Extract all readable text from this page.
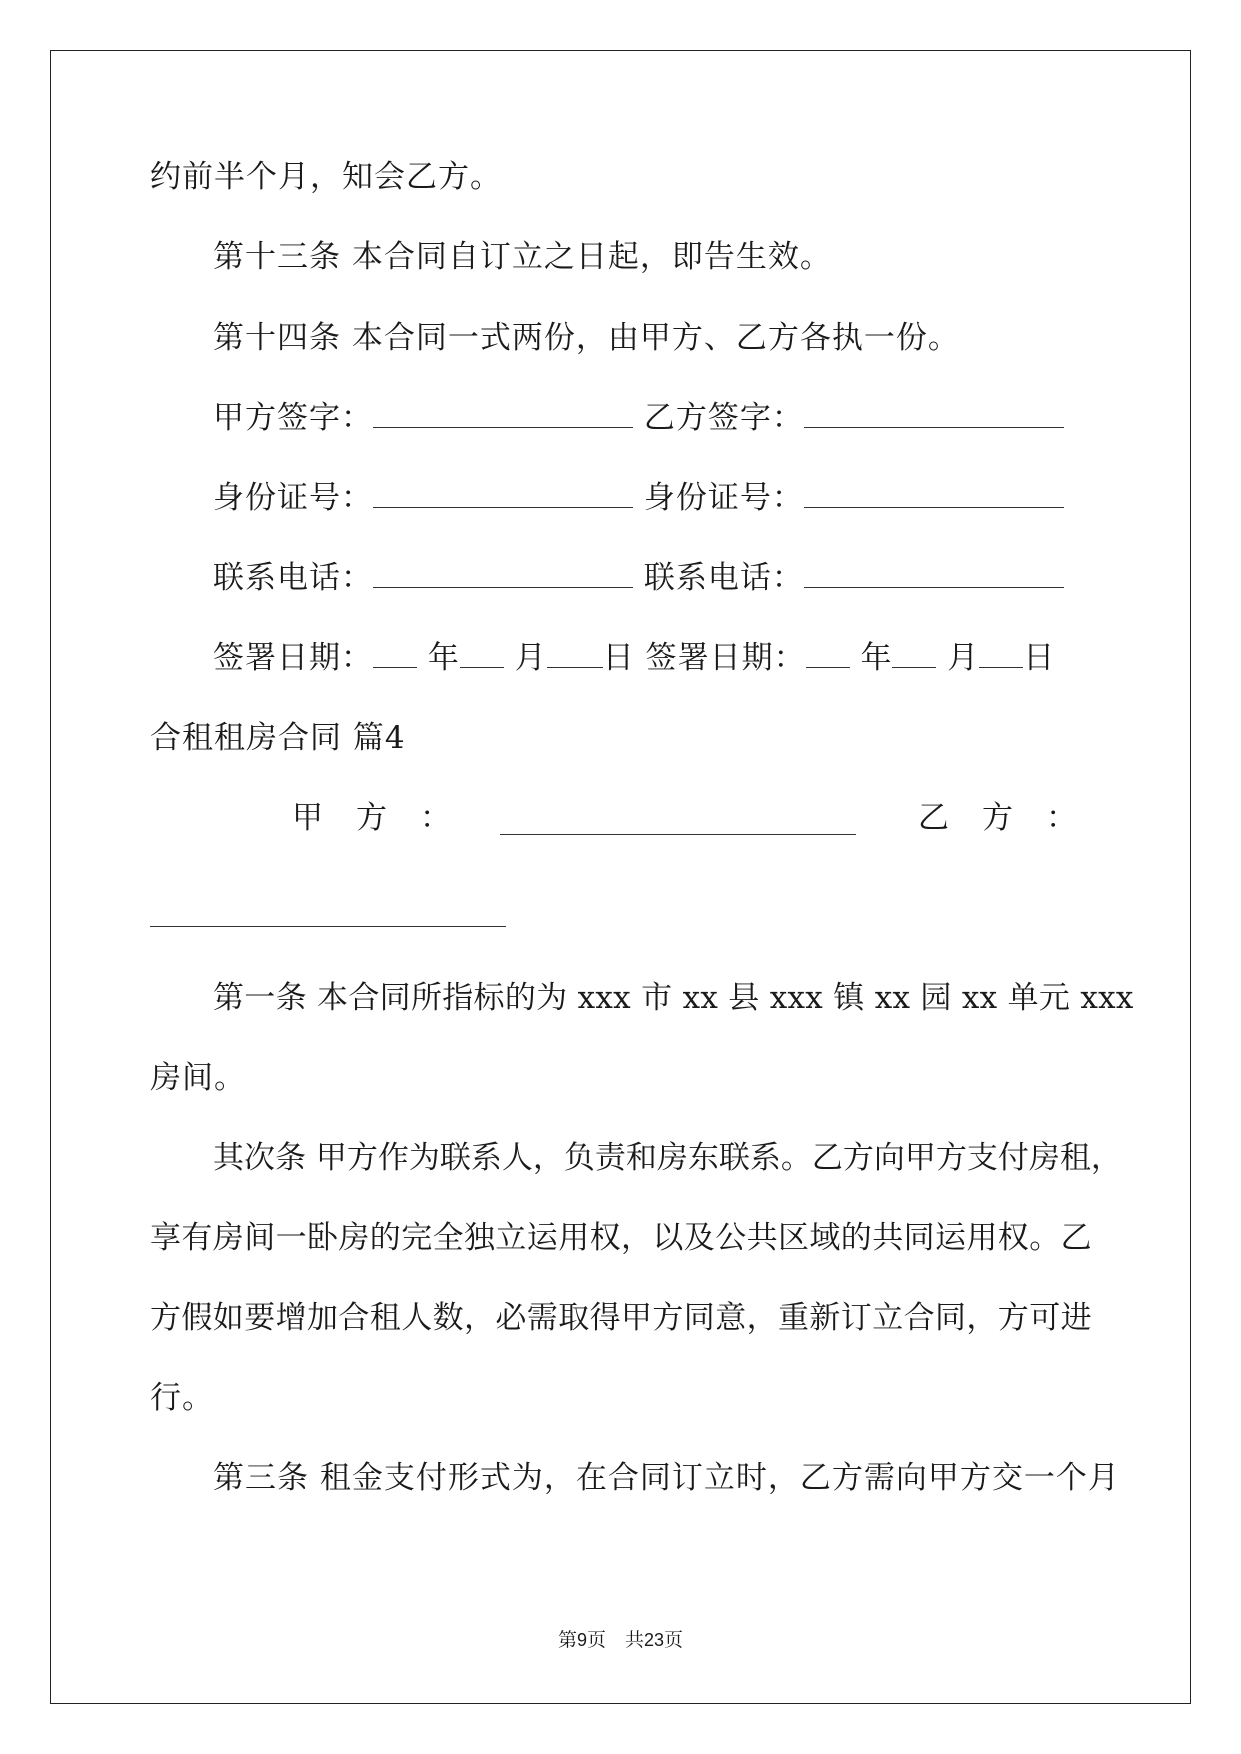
约前半个月，知会乙方。
第十三条 本合同自订立之日起，即告生效。
第十四条 本合同一式两份，由甲方、乙方各执一份。
甲方签字：	乙方签字：
身份证号：	身份证号：
联系电话：	联系电话：
签署日期： 年 月 日 签署日期： 年 月 日
合租租房合同 篇4
甲　方　：	乙　方　：
第一条 本合同所指标的为 xxx 市 xx 县 xxx 镇 xx 园 xx 单元 xxx
房间。
其次条 甲方作为联系人，负责和房东联系。乙方向甲方支付房租，
享有房间一卧房的完全独立运用权，以及公共区域的共同运用权。乙
方假如要增加合租人数，必需取得甲方同意，重新订立合同，方可进
行。
第三条 租金支付形式为，在合同订立时，乙方需向甲方交一个月
第9页　共23页
